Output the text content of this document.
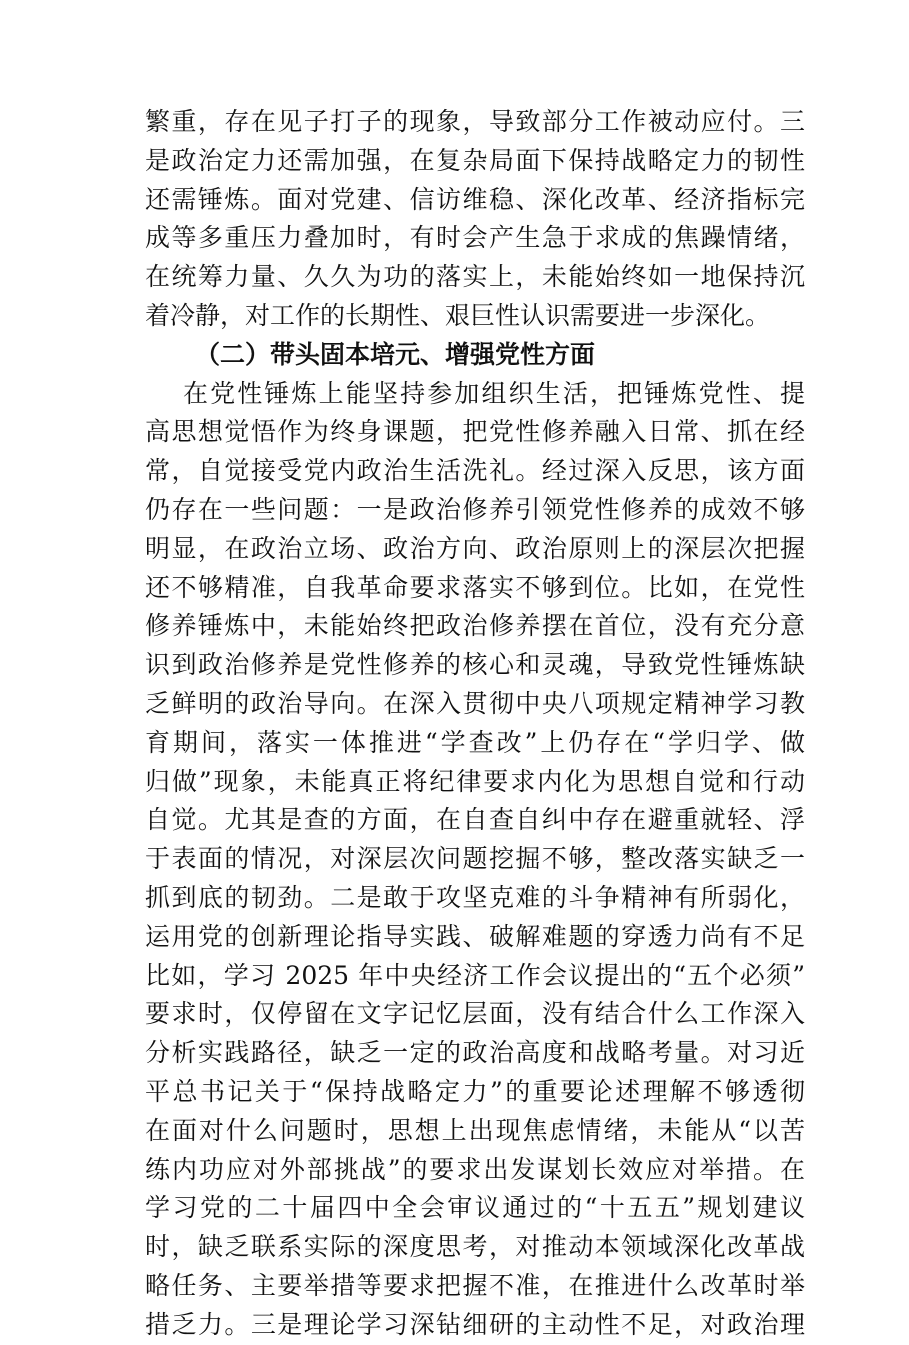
繁重，存在见子打子的现象，导致部分工作被动应付。三
是政治定力还需加强，在复杂局面下保持战略定力的韧性
还需锤炼。面对党建、信访维稳、深化改革、经济指标完
成等多重压力叠加时，有时会产生急于求成的焦躁情绪，
在统筹力量、久久为功的落实上，未能始终如一地保持沉
着冷静，对工作的长期性、艰巨性认识需要进一步深化。
（二）带头固本培元、增强党性方面
在党性锤炼上能坚持参加组织生活，把锤炼党性、提
高思想觉悟作为终身课题，把党性修养融入日常、抓在经
常，自觉接受党内政治生活洗礼。经过深入反思，该方面
仍存在一些问题：一是政治修养引领党性修养的成效不够
明显，在政治立场、政治方向、政治原则上的深层次把握
还不够精准，自我革命要求落实不够到位。比如，在党性
修养锤炼中，未能始终把政治修养摆在首位，没有充分意
识到政治修养是党性修养的核心和灵魂，导致党性锤炼缺
乏鲜明的政治导向。在深入贯彻中央八项规定精神学习教
育期间，落实一体推进“学查改”上仍存在“学归学、做
归做”现象，未能真正将纪律要求内化为思想自觉和行动
自觉。尤其是查的方面，在自查自纠中存在避重就轻、浮
于表面的情况，对深层次问题挖掘不够，整改落实缺乏一
抓到底的韧劲。二是敢于攻坚克难的斗争精神有所弱化，
运用党的创新理论指导实践、破解难题的穿透力尚有不足
比如，学习 2025 年中央经济工作会议提出的“五个必须”
要求时，仅停留在文字记忆层面，没有结合什么工作深入
分析实践路径，缺乏一定的政治高度和战略考量。对习近
平总书记关于“保持战略定力”的重要论述理解不够透彻
在面对什么问题时，思想上出现焦虑情绪，未能从“以苦
练内功应对外部挑战”的要求出发谋划长效应对举措。在
学习党的二十届四中全会审议通过的“十五五”规划建议
时，缺乏联系实际的深度思考，对推动本领域深化改革战
略任务、主要举措等要求把握不准，在推进什么改革时举
措乏力。三是理论学习深钻细研的主动性不足，对政治理
